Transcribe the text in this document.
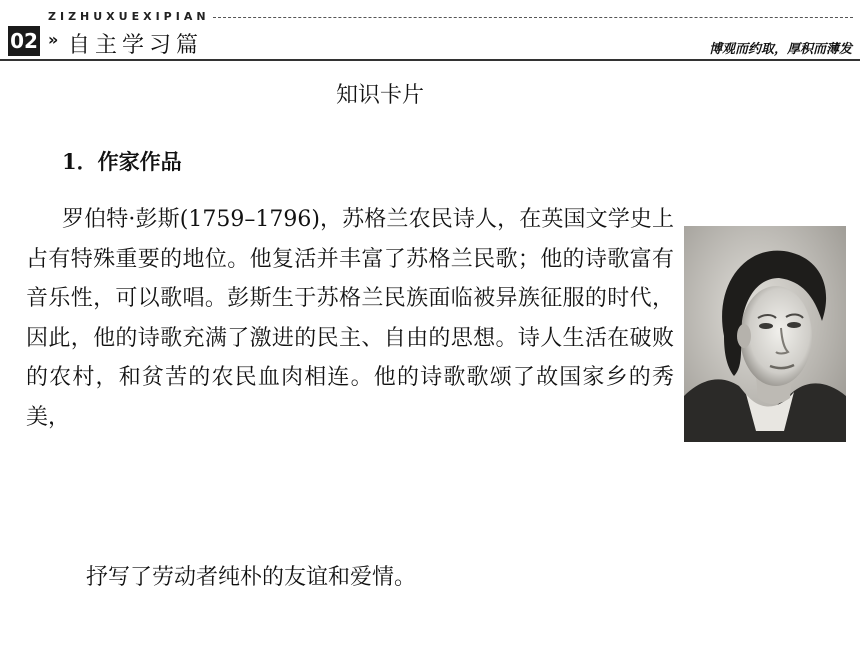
02
ZIZHUXUEXIPIAN
» 自主学习篇	博观而约取，厚积而薄发
知识卡片
1．作家作品
罗伯特·彭斯(1759–1796)，苏格兰农民诗人，在英国文学史上占有特殊重要的地位。他复活并丰富了苏格兰民歌；他的诗歌富有音乐性，可以歌唱。彭斯生于苏格兰民族面临被异族征服的时代，因此，他的诗歌充满了激进的民主、自由的思想。诗人生活在破败的农村，和贫苦的农民血肉相连。他的诗歌歌颂了故国家乡的秀美，
抒写了劳动者纯朴的友谊和爱情。
